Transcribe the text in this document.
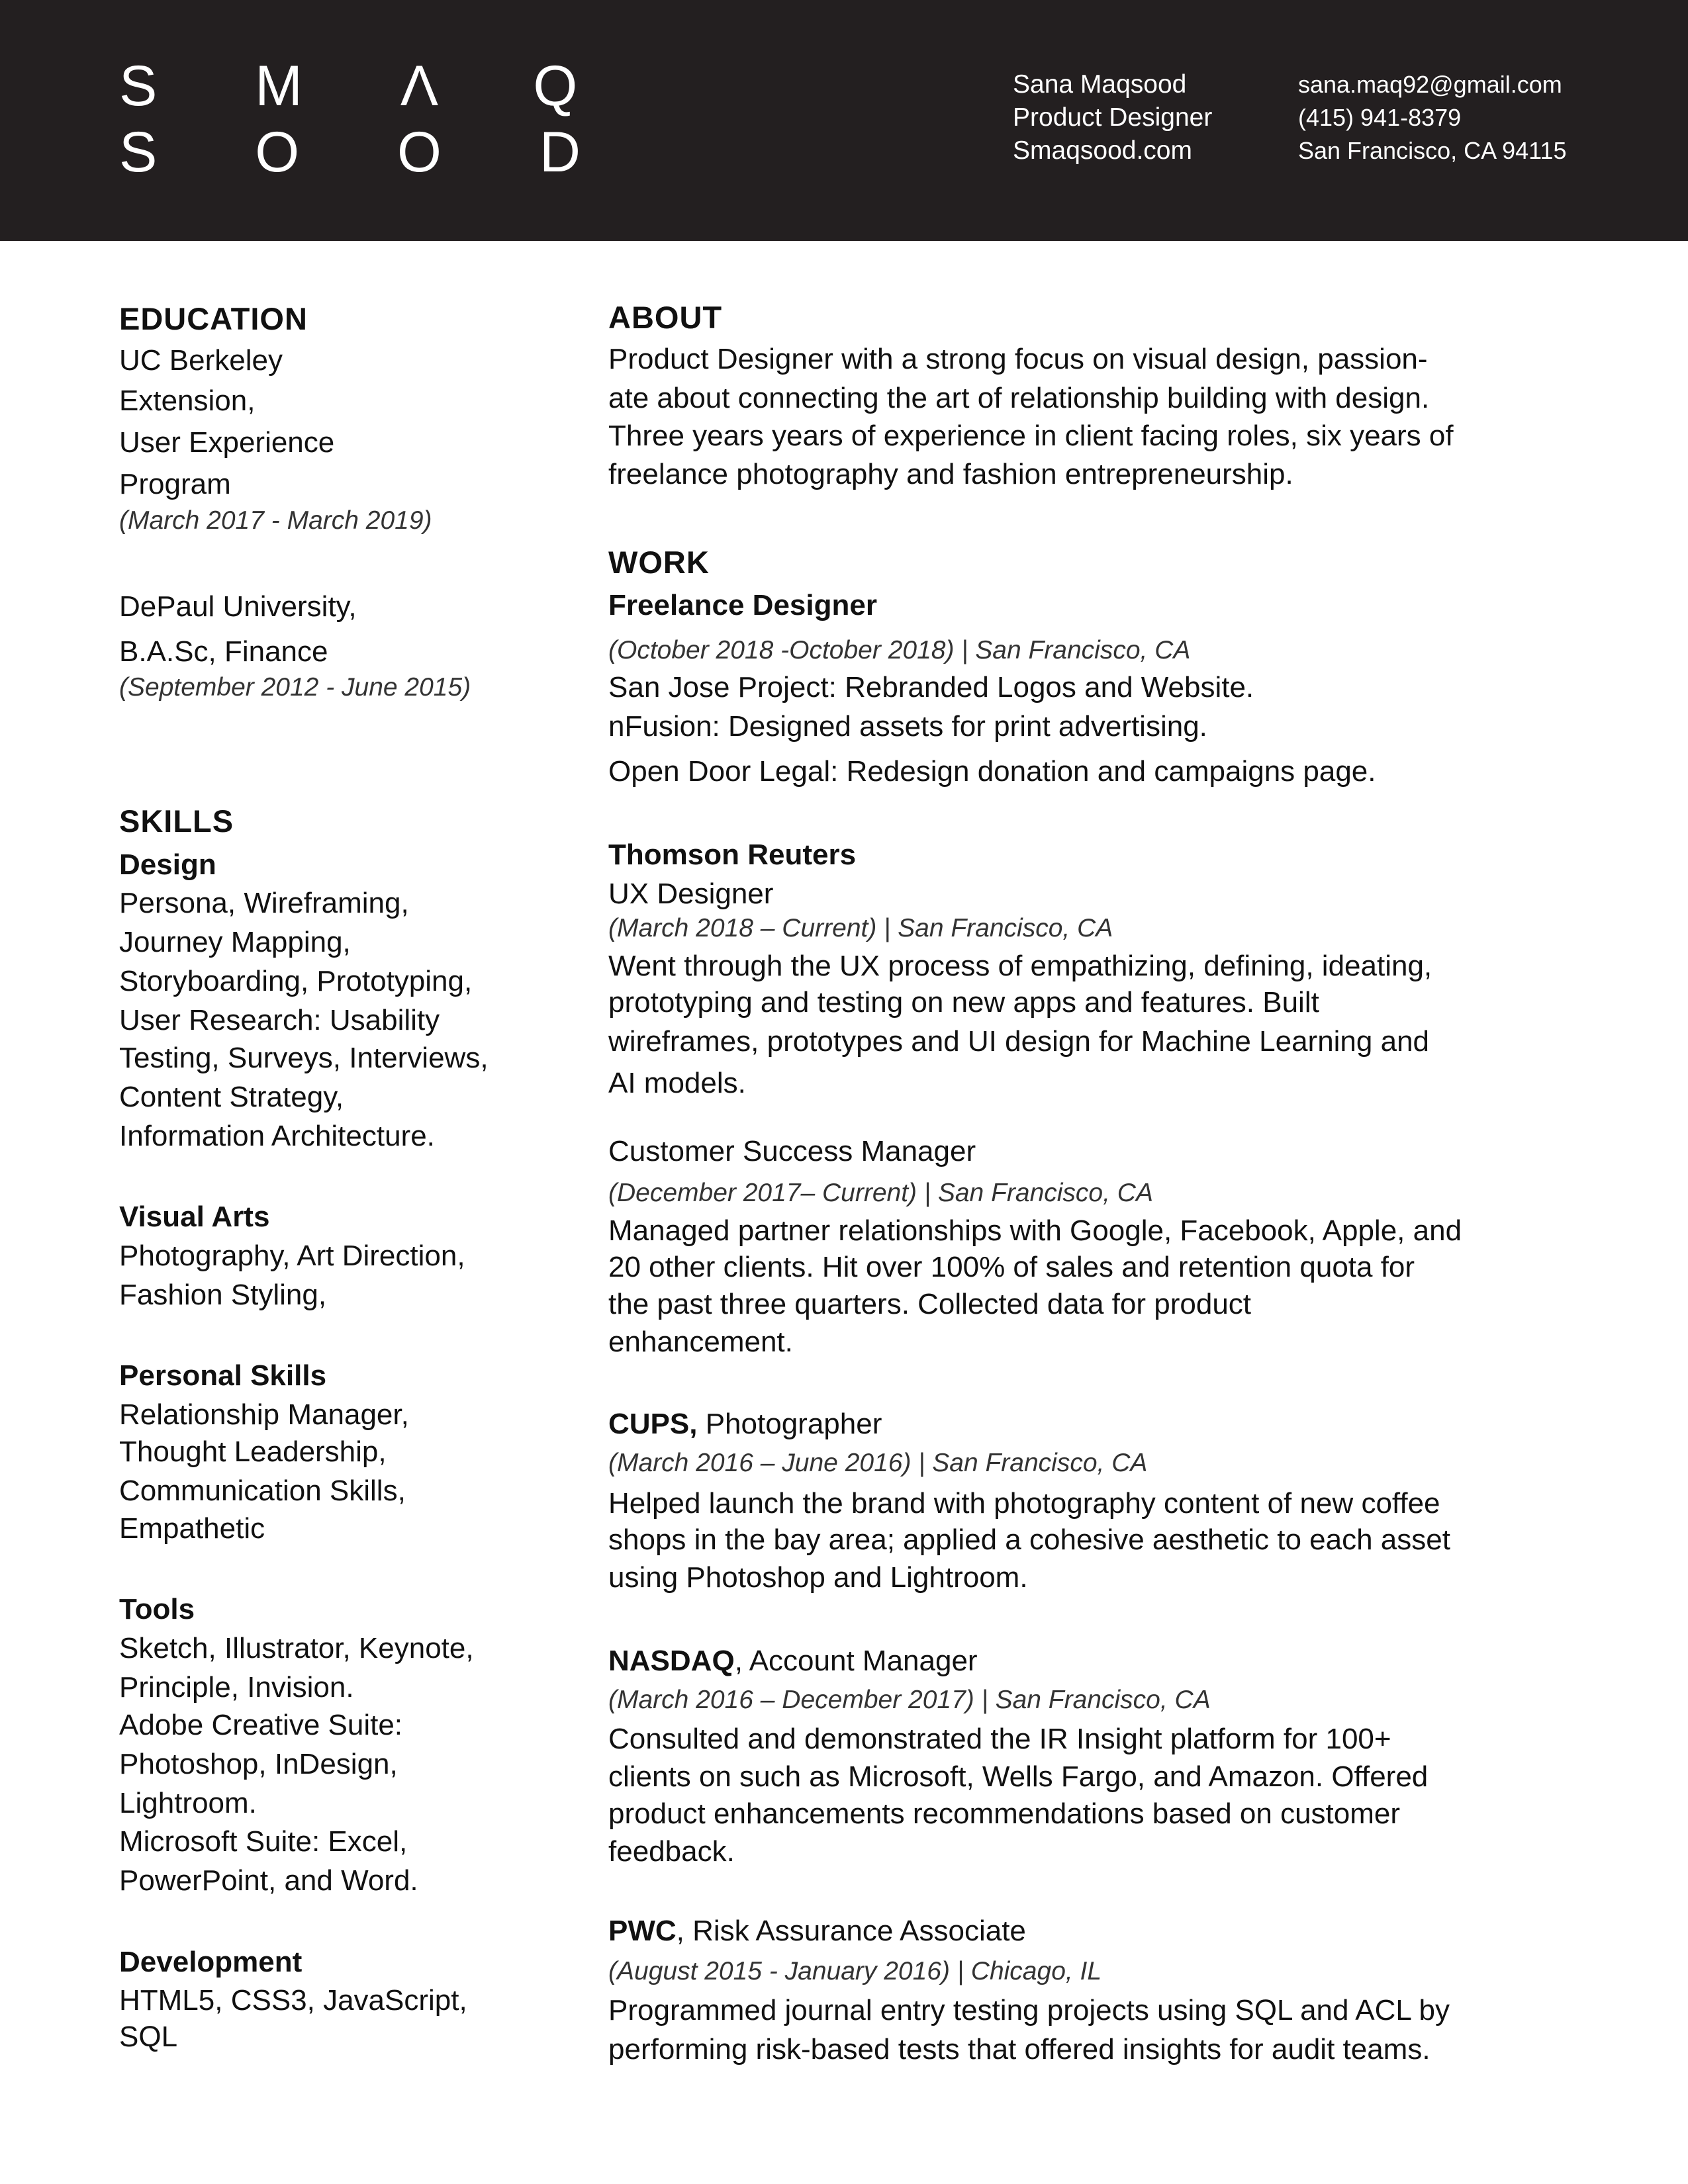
S M Λ Q
S O O D
Sana Maqsood
Product Designer
Smaqsood.com
sana.maq92@gmail.com
(415) 941-8379
San Francisco, CA 94115
EDUCATION
UC Berkeley
Extension,
User Experience
Program
(March 2017 - March 2019)
DePaul University,
B.A.Sc, Finance
(September 2012 - June 2015)
SKILLS
Design
Persona, Wireframing,
Journey Mapping,
Storyboarding, Prototyping,
User Research: Usability
Testing, Surveys, Interviews,
Content Strategy,
Information Architecture.
Visual Arts
Photography, Art Direction,
Fashion Styling,
Personal Skills
Relationship Manager,
Thought Leadership,
Communication Skills,
Empathetic
Tools
Sketch, Illustrator, Keynote,
Principle, Invision.
Adobe Creative Suite:
Photoshop, InDesign,
Lightroom.
Microsoft Suite: Excel,
PowerPoint, and Word.
Development
HTML5, CSS3, JavaScript,
SQL
ABOUT
Product Designer with a strong focus on visual design, passion-
ate about connecting the art of relationship building with design.
Three years years of experience in client facing roles, six years of
freelance photography and fashion entrepreneurship.
WORK
Freelance Designer
(October 2018 -October 2018) | San Francisco, CA
San Jose Project: Rebranded Logos and Website.
nFusion: Designed assets for print advertising.
Open Door Legal: Redesign donation and campaigns page.
Thomson Reuters
UX Designer
(March 2018 – Current) | San Francisco, CA
Went through the UX process of empathizing, defining, ideating,
prototyping and testing on new apps and features. Built
wireframes, prototypes and UI design for Machine Learning and
AI models.
Customer Success Manager
(December 2017– Current) | San Francisco, CA
Managed partner relationships with Google, Facebook, Apple, and
20 other clients. Hit over 100% of sales and retention quota for
the past three quarters. Collected data for product
enhancement.
CUPS, Photographer
(March 2016 – June 2016) | San Francisco, CA
Helped launch the brand with photography content of new coffee
shops in the bay area; applied a cohesive aesthetic to each asset
using Photoshop and Lightroom.
NASDAQ, Account Manager
(March 2016 – December 2017) | San Francisco, CA
Consulted and demonstrated the IR Insight platform for 100+
clients on such as Microsoft, Wells Fargo, and Amazon. Offered
product enhancements recommendations based on customer
feedback.
PWC, Risk Assurance Associate
(August 2015 - January 2016) | Chicago, IL
Programmed journal entry testing projects using SQL and ACL by
performing risk-based tests that offered insights for audit teams.
